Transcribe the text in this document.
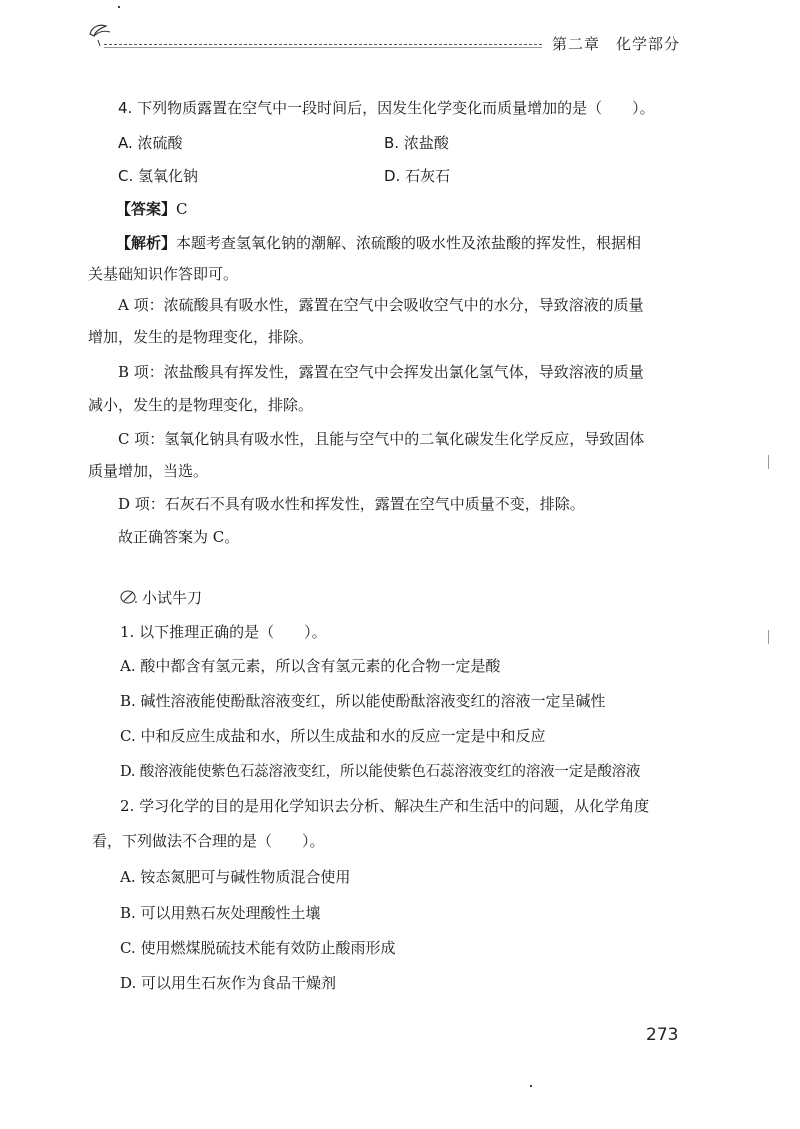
第二章　化学部分
4. 下列物质露置在空气中一段时间后，因发生化学变化而质量增加的是（　　）。
A. 浓硫酸	B. 浓盐酸
C. 氢氧化钠	D. 石灰石
【答案】C
【解析】本题考查氢氧化钠的潮解、浓硫酸的吸水性及浓盐酸的挥发性，根据相
关基础知识作答即可。
A 项：浓硫酸具有吸水性，露置在空气中会吸收空气中的水分，导致溶液的质量
增加，发生的是物理变化，排除。
B 项：浓盐酸具有挥发性，露置在空气中会挥发出氯化氢气体，导致溶液的质量
减小，发生的是物理变化，排除。
C 项：氢氧化钠具有吸水性，且能与空气中的二氧化碳发生化学反应，导致固体
质量增加，当选。
D 项：石灰石不具有吸水性和挥发性，露置在空气中质量不变，排除。
故正确答案为 C。
小试牛刀
1. 以下推理正确的是（　　）。
A. 酸中都含有氢元素，所以含有氢元素的化合物一定是酸
B. 碱性溶液能使酚酞溶液变红，所以能使酚酞溶液变红的溶液一定呈碱性
C. 中和反应生成盐和水，所以生成盐和水的反应一定是中和反应
D. 酸溶液能使紫色石蕊溶液变红，所以能使紫色石蕊溶液变红的溶液一定是酸溶液
2. 学习化学的目的是用化学知识去分析、解决生产和生活中的问题，从化学角度
看，下列做法不合理的是（　　）。
A. 铵态氮肥可与碱性物质混合使用
B. 可以用熟石灰处理酸性土壤
C. 使用燃煤脱硫技术能有效防止酸雨形成
D. 可以用生石灰作为食品干燥剂
273
